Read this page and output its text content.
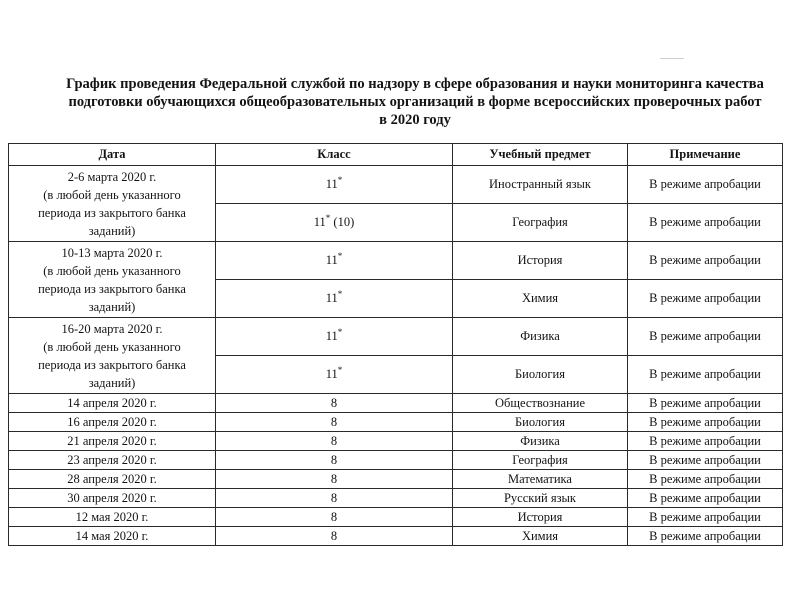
График проведения Федеральной службой по надзору в сфере образования и науки мониторинга качества
подготовки обучающихся общеобразовательных организаций в форме всероссийских проверочных работ
в 2020 году
Дата	Класс	Учебный предмет	Примечание

2-6 марта 2020 г.
(в любой день указанного
периода из закрытого банка
заданий)	11*	Иностранный язык	В режиме апробации
	11* (10)	География	В режиме апробации

10-13 марта 2020 г.
(в любой день указанного
периода из закрытого банка
заданий)	11*	История	В режиме апробации
	11*	Химия	В режиме апробации

16-20 марта 2020 г.
(в любой день указанного
периода из закрытого банка
заданий)	11*	Физика	В режиме апробации
	11*	Биология	В режиме апробации
14 апреля 2020 г.	8	Обществознание	В режиме апробации
16 апреля 2020 г.	8	Биология	В режиме апробации
21 апреля 2020 г.	8	Физика	В режиме апробации
23 апреля 2020 г.	8	География	В режиме апробации
28 апреля 2020 г.	8	Математика	В режиме апробации
30 апреля 2020 г.	8	Русский язык	В режиме апробации
12 мая 2020 г.	8	История	В режиме апробации
14 мая 2020 г.	8	Химия	В режиме апробации
